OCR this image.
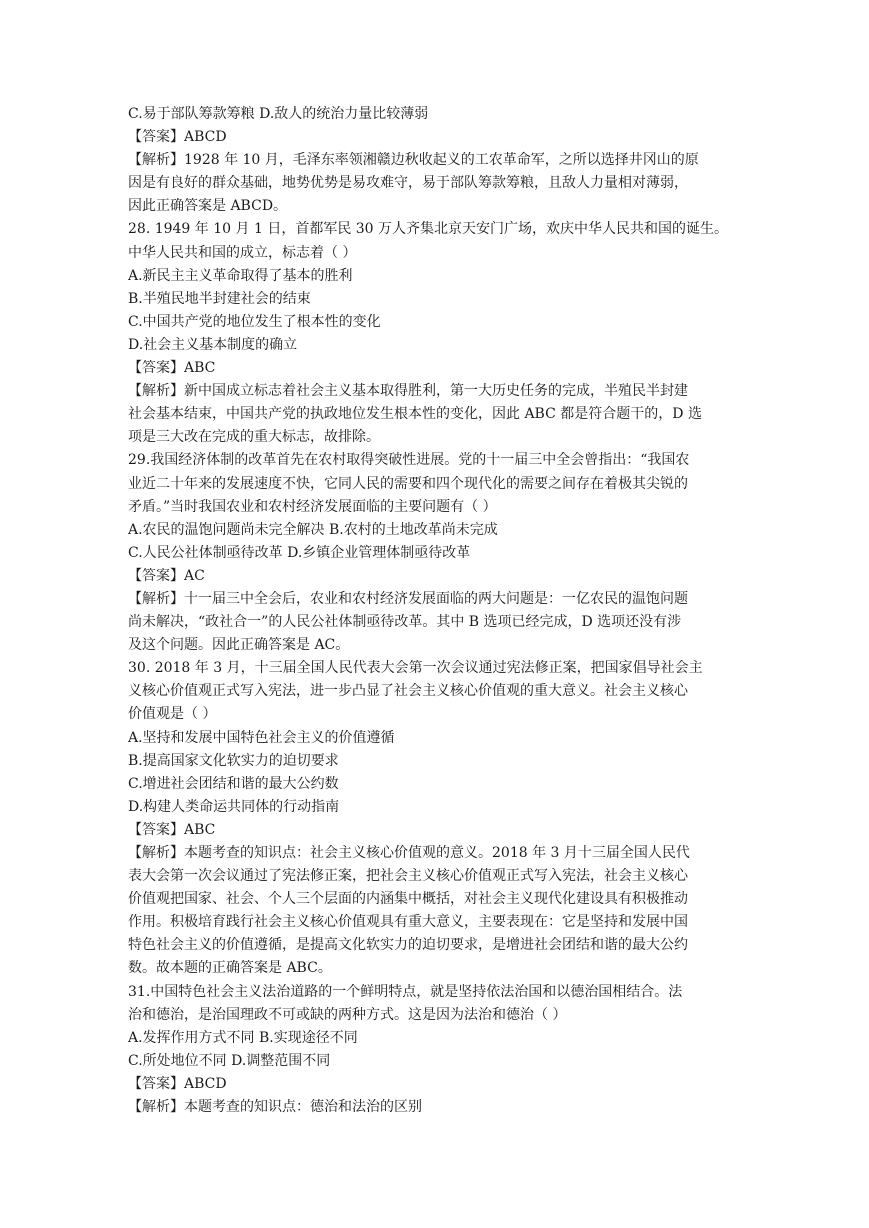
C.易于部队筹款筹粮 D.敌人的统治力量比较薄弱
【答案】ABCD
【解析】1928 年 10 月，毛泽东率领湘赣边秋收起义的工农革命军，之所以选择井冈山的原
因是有良好的群众基础，地势优势是易攻难守，易于部队筹款筹粮，且敌人力量相对薄弱，
因此正确答案是 ABCD。
28. 1949 年 10 月 1 日，首都军民 30 万人齐集北京天安门广场，欢庆中华人民共和国的诞生。
中华人民共和国的成立，标志着（ ）
A.新民主主义革命取得了基本的胜利
B.半殖民地半封建社会的结束
C.中国共产党的地位发生了根本性的变化
D.社会主义基本制度的确立
【答案】ABC
【解析】新中国成立标志着社会主义基本取得胜利，第一大历史任务的完成，半殖民半封建
社会基本结束，中国共产党的执政地位发生根本性的变化，因此 ABC 都是符合题干的，D 选
项是三大改在完成的重大标志，故排除。
29.我国经济体制的改革首先在农村取得突破性进展。党的十一届三中全会曾指出：“我国农
业近二十年来的发展速度不快，它同人民的需要和四个现代化的需要之间存在着极其尖锐的
矛盾。”当时我国农业和农村经济发展面临的主要问题有（ ）
A.农民的温饱问题尚未完全解决 B.农村的土地改革尚未完成
C.人民公社体制亟待改革 D.乡镇企业管理体制亟待改革
【答案】AC
【解析】十一届三中全会后，农业和农村经济发展面临的两大问题是：一亿农民的温饱问题
尚未解决，“政社合一”的人民公社体制亟待改革。其中 B 选项已经完成，D 选项还没有涉
及这个问题。因此正确答案是 AC。
30. 2018 年 3 月，十三届全国人民代表大会第一次会议通过宪法修正案，把国家倡导社会主
义核心价值观正式写入宪法，进一步凸显了社会主义核心价值观的重大意义。社会主义核心
价值观是（ ）
A.坚持和发展中国特色社会主义的价值遵循
B.提高国家文化软实力的迫切要求
C.增进社会团结和谐的最大公约数
D.构建人类命运共同体的行动指南
【答案】ABC
【解析】本题考查的知识点：社会主义核心价值观的意义。2018 年 3 月十三届全国人民代
表大会第一次会议通过了宪法修正案，把社会主义核心价值观正式写入宪法，社会主义核心
价值观把国家、社会、个人三个层面的内涵集中概括，对社会主义现代化建设具有积极推动
作用。积极培育践行社会主义核心价值观具有重大意义，主要表现在：它是坚持和发展中国
特色社会主义的价值遵循，是提高文化软实力的迫切要求，是增进社会团结和谐的最大公约
数。故本题的正确答案是 ABC。
31.中国特色社会主义法治道路的一个鲜明特点，就是坚持依法治国和以德治国相结合。法
治和德治，是治国理政不可或缺的两种方式。这是因为法治和德治（ ）
A.发挥作用方式不同 B.实现途径不同
C.所处地位不同 D.调整范围不同
【答案】ABCD
【解析】本题考查的知识点：德治和法治的区别
